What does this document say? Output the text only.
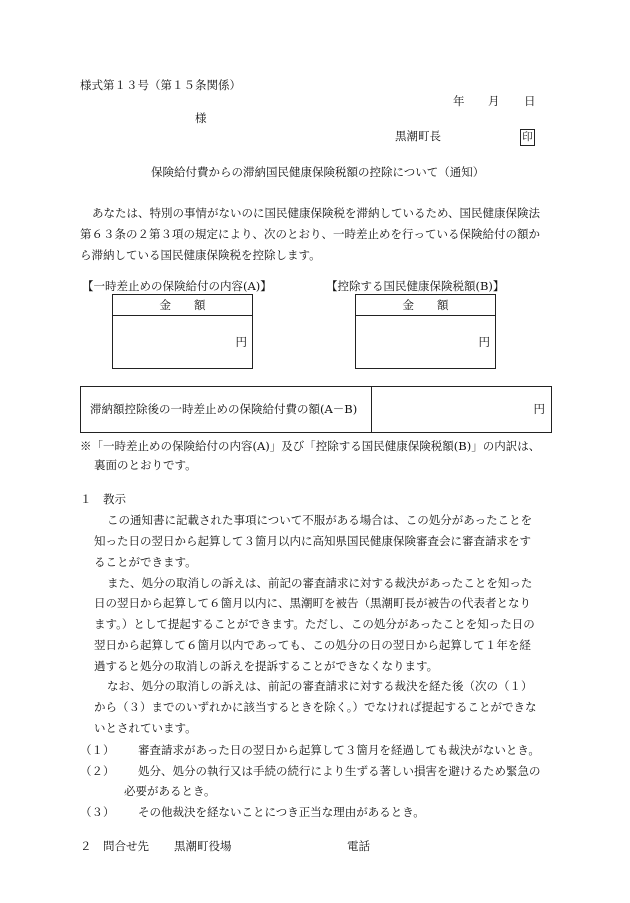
様式第１３号（第１５条関係）
年 月 日
様
黒潮町長	印
保険給付費からの滞納国民健康保険税額の控除について（通知）
あなたは、特別の事情がないのに国民健康保険税を滞納しているため、国民健康保険法
第６３条の２第３項の規定により、次のとおり、一時差止めを行っている保険給付の額か
ら滞納している国民健康保険税を控除します。
【一時差止めの保険給付の内容(A)】
金　　額
円
【控除する国民健康保険税額(B)】
金　　額
円
滞納額控除後の一時差止めの保険給付費の額(A－B)	円
※「一時差止めの保険給付の内容(A)」及び「控除する国民健康保険税額(B)」の内訳は、
裏面のとおりです。
１　教示
この通知書に記載された事項について不服がある場合は、この処分があったことを
知った日の翌日から起算して３箇月以内に高知県国民健康保険審査会に審査請求をす
ることができます。
また、処分の取消しの訴えは、前記の審査請求に対する裁決があったことを知った
日の翌日から起算して６箇月以内に、黒潮町を被告（黒潮町長が被告の代表者となり
ます。）として提起することができます。ただし、この処分があったことを知った日の
翌日から起算して６箇月以内であっても、この処分の日の翌日から起算して１年を経
過すると処分の取消しの訴えを提訴することができなくなります。
なお、処分の取消しの訴えは、前記の審査請求に対する裁決を経た後（次の（１）
から（３）までのいずれかに該当するときを除く。）でなければ提起することができな
いとされています。
（１） 審査請求があった日の翌日から起算して３箇月を経過しても裁決がないとき。
（２） 処分、処分の執行又は手続の続行により生ずる著しい損害を避けるため緊急の
必要があるとき。
（３） その他裁決を経ないことにつき正当な理由があるとき。
２　問合せ先 黒潮町役場	電話
